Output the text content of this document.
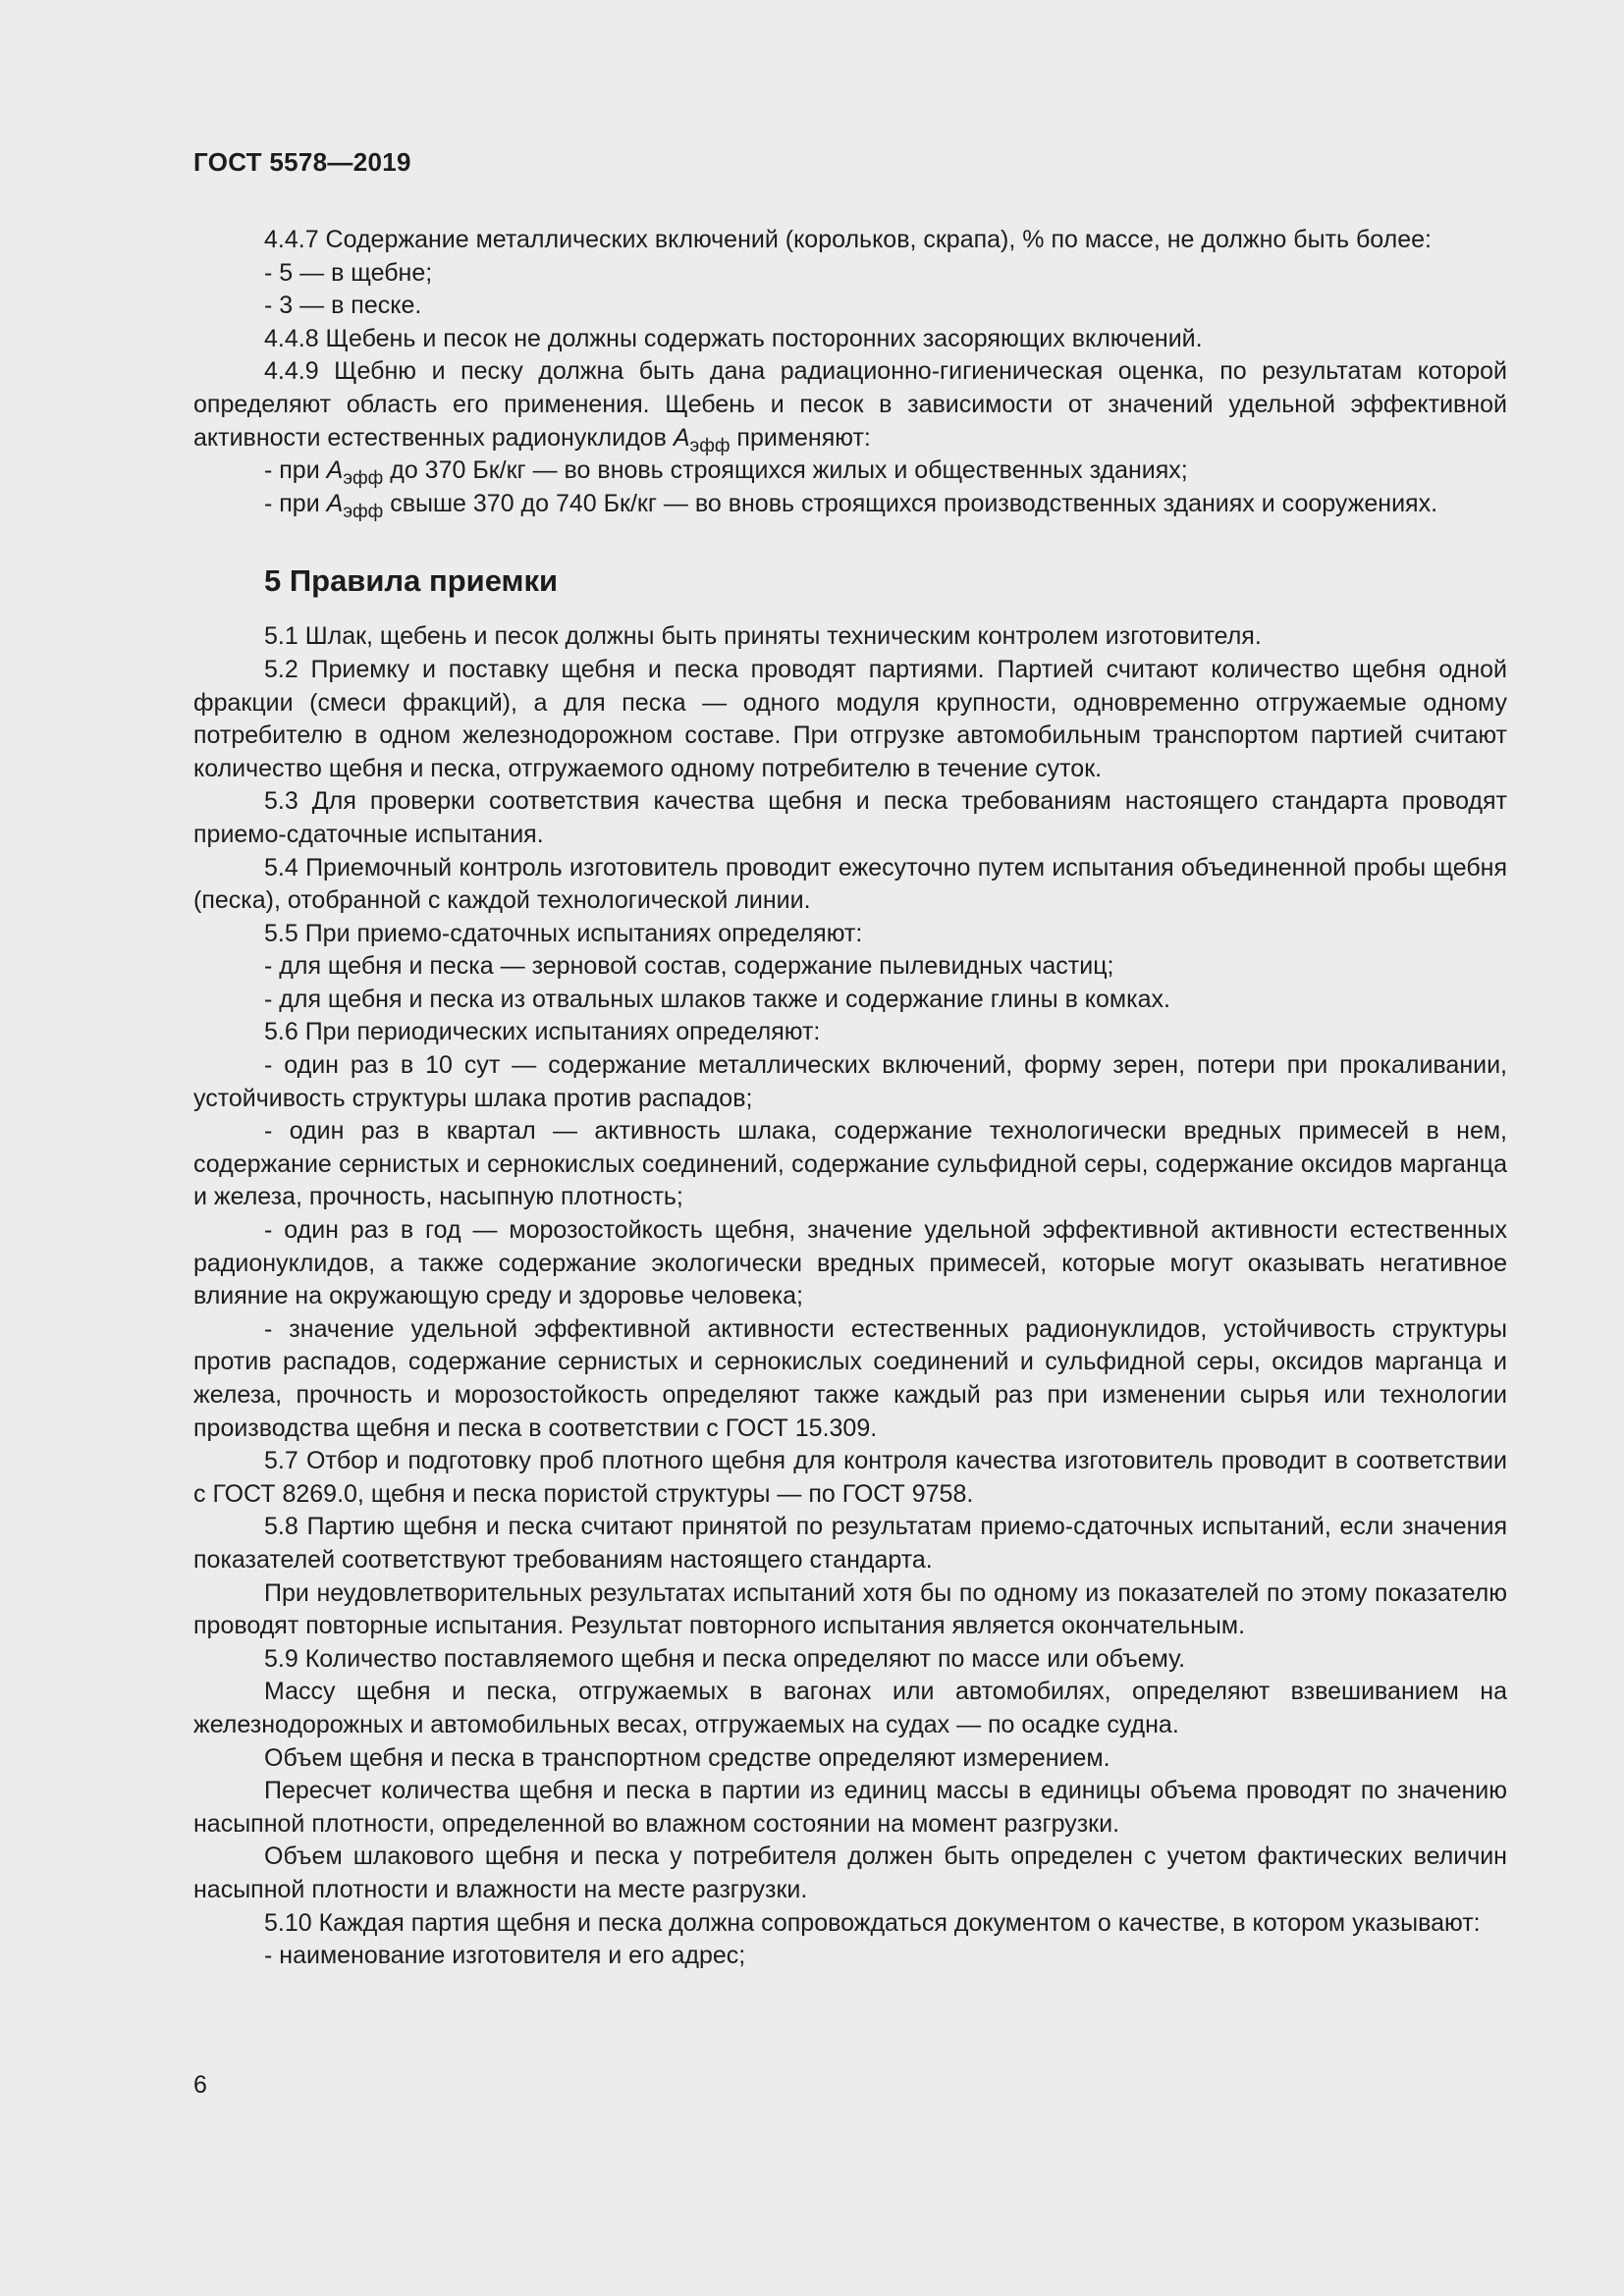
ГОСТ 5578—2019

4.4.7 Содержание металлических включений (корольков, скрапа), % по массе, не должно быть более:

- 5 — в щебне;

- 3 — в песке.

4.4.8 Щебень и песок не должны содержать посторонних засоряющих включений.

4.4.9 Щебню и песку должна быть дана радиационно-гигиеническая оценка, по результатам которой определяют область его применения. Щебень и песок в зависимости от значений удельной эффективной активности естественных радионуклидов $А_{эфф}$ применяют:

- при $А_{эфф}$ до 370 Бк/кг — во вновь строящихся жилых и общественных зданиях;

- при $А_{эфф}$ свыше 370 до 740 Бк/кг — во вновь строящихся производственных зданиях и сооружениях.

5 Правила приемки

5.1 Шлак, щебень и песок должны быть приняты техническим контролем изготовителя.

5.2 Приемку и поставку щебня и песка проводят партиями. Партией считают количество щебня одной фракции (смеси фракций), а для песка — одного модуля крупности, одновременно отгружаемые одному потребителю в одном железнодорожном составе. При отгрузке автомобильным транспортом партией считают количество щебня и песка, отгружаемого одному потребителю в течение суток.

5.3 Для проверки соответствия качества щебня и песка требованиям настоящего стандарта проводят приемо-сдаточные испытания.

5.4 Приемочный контроль изготовитель проводит ежесуточно путем испытания объединенной пробы щебня (песка), отобранной с каждой технологической линии.

5.5 При приемо-сдаточных испытаниях определяют:

- для щебня и песка — зерновой состав, содержание пылевидных частиц;

- для щебня и песка из отвальных шлаков также и содержание глины в комках.

5.6 При периодических испытаниях определяют:

- один раз в 10 сут — содержание металлических включений, форму зерен, потери при прокаливании, устойчивость структуры шлака против распадов;

- один раз в квартал — активность шлака, содержание технологически вредных примесей в нем, содержание сернистых и сернокислых соединений, содержание сульфидной серы, содержание оксидов марганца и железа, прочность, насыпную плотность;

- один раз в год — морозостойкость щебня, значение удельной эффективной активности естественных радионуклидов, а также содержание экологически вредных примесей, которые могут оказывать негативное влияние на окружающую среду и здоровье человека;

- значение удельной эффективной активности естественных радионуклидов, устойчивость структуры против распадов, содержание сернистых и сернокислых соединений и сульфидной серы, оксидов марганца и железа, прочность и морозостойкость определяют также каждый раз при изменении сырья или технологии производства щебня и песка в соответствии с ГОСТ 15.309.

5.7 Отбор и подготовку проб плотного щебня для контроля качества изготовитель проводит в соответствии с ГОСТ 8269.0, щебня и песка пористой структуры — по ГОСТ 9758.

5.8 Партию щебня и песка считают принятой по результатам приемо-сдаточных испытаний, если значения показателей соответствуют требованиям настоящего стандарта.

При неудовлетворительных результатах испытаний хотя бы по одному из показателей по этому показателю проводят повторные испытания. Результат повторного испытания является окончательным.

5.9 Количество поставляемого щебня и песка определяют по массе или объему.

Массу щебня и песка, отгружаемых в вагонах или автомобилях, определяют взвешиванием на железнодорожных и автомобильных весах, отгружаемых на судах — по осадке судна.

Объем щебня и песка в транспортном средстве определяют измерением.

Пересчет количества щебня и песка в партии из единиц массы в единицы объема проводят по значению насыпной плотности, определенной во влажном состоянии на момент разгрузки.

Объем шлакового щебня и песка у потребителя должен быть определен с учетом фактических величин насыпной плотности и влажности на месте разгрузки.

5.10 Каждая партия щебня и песка должна сопровождаться документом о качестве, в котором указывают:

- наименование изготовителя и его адрес;

6
